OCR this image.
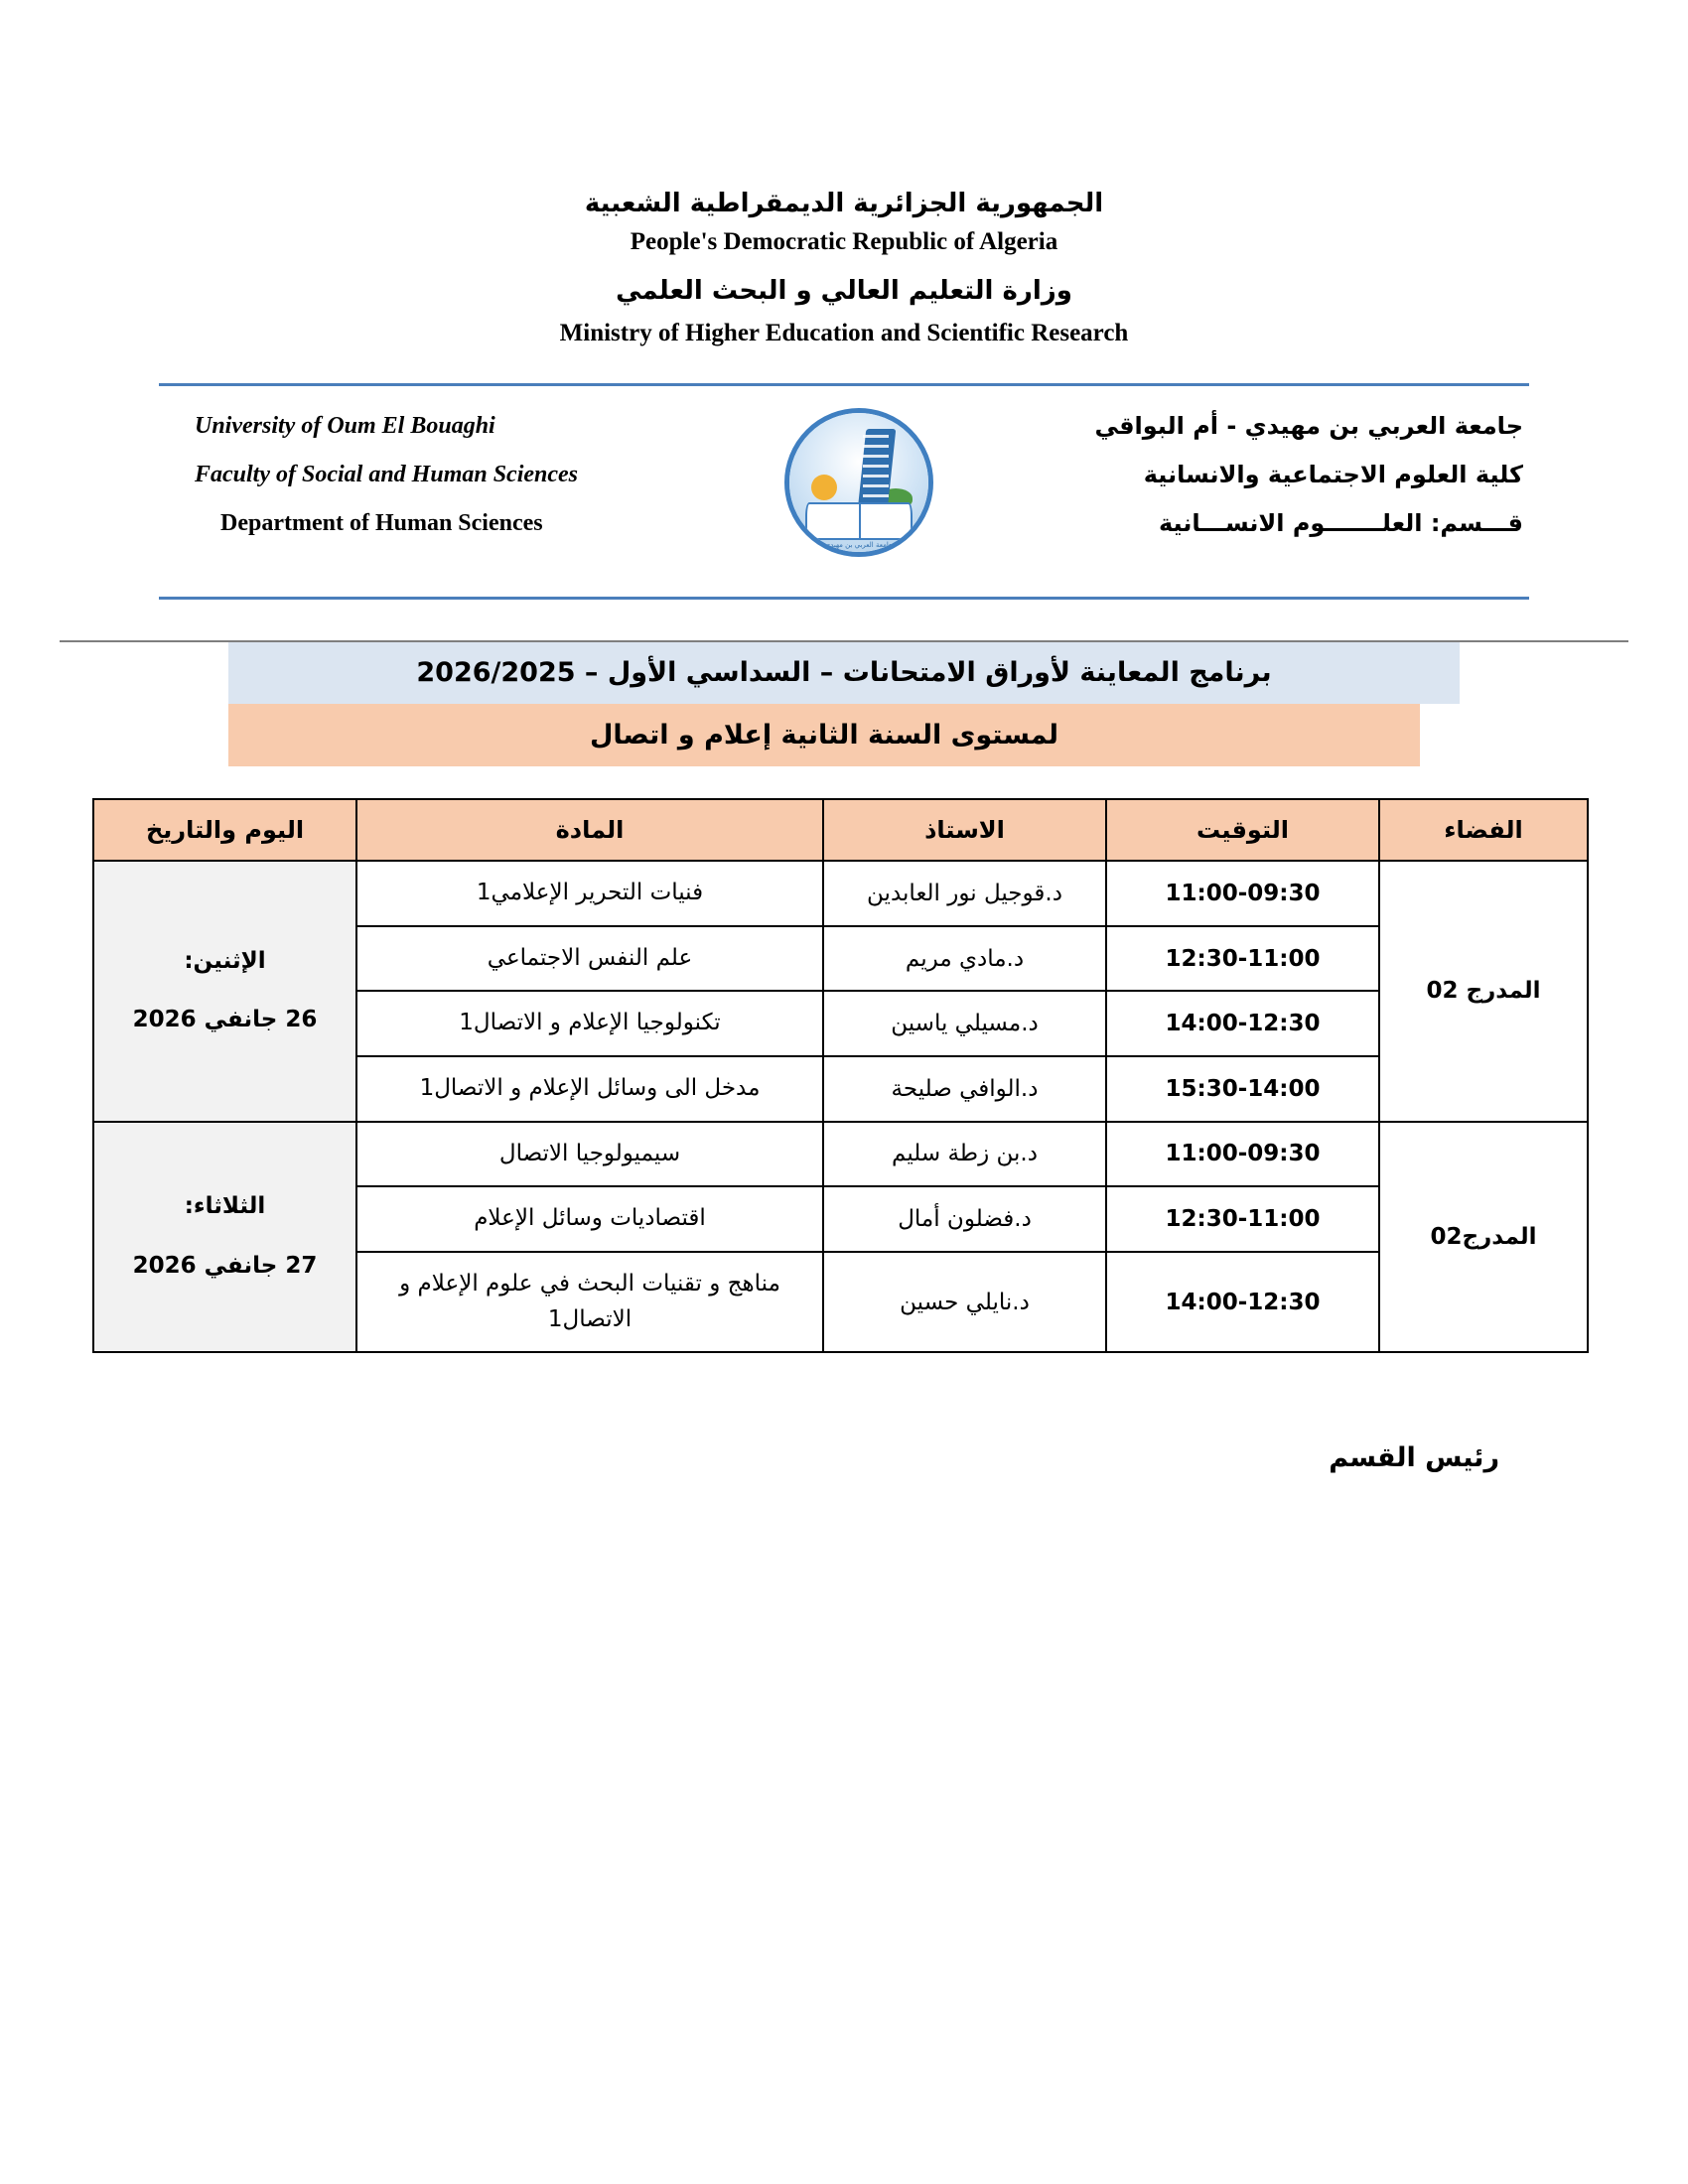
الجمهورية الجزائرية الديمقراطية الشعبية
People's Democratic Republic of Algeria
وزارة التعليم العالي و البحث العلمي
Ministry of Higher Education and Scientific Research
جامعة العربي بن مهيدي - أم البواقي
كلية العلوم الاجتماعية والانسانية
قـــسم: العلـــــــوم الانســـانية
جامعة العربي بن مهيدي
University of Oum El Bouaghi
Faculty of Social and Human Sciences
Department of Human Sciences
برنامج المعاينة لأوراق الامتحانات – السداسي الأول – 2026/2025
لمستوى السنة الثانية إعلام و اتصال
الفضاء	التوقيت	الاستاذ	المادة	اليوم والتاريخ
المدرج 02	11:00-09:30	د.قوجيل نور العابدين	فنيات التحرير الإعلامي1	الإثنين:
26 جانفي 2026

	12:30-11:00	د.مادي مريم	علم النفس الاجتماعي	
	14:00-12:30	د.مسيلي ياسين	تكنولوجيا الإعلام و الاتصال1	
	15:30-14:00	د.الوافي صليحة	مدخل الى وسائل الإعلام و الاتصال1	
المدرج02	11:00-09:30	د.بن زطة سليم	سيميولوجيا الاتصال	الثلاثاء:
27 جانفي 2026

	12:30-11:00	د.فضلون أمال	اقتصاديات وسائل الإعلام	
	14:00-12:30	د.نايلي حسين	مناهج و تقنيات البحث في علوم الإعلام و الاتصال1	
رئيس القسم
